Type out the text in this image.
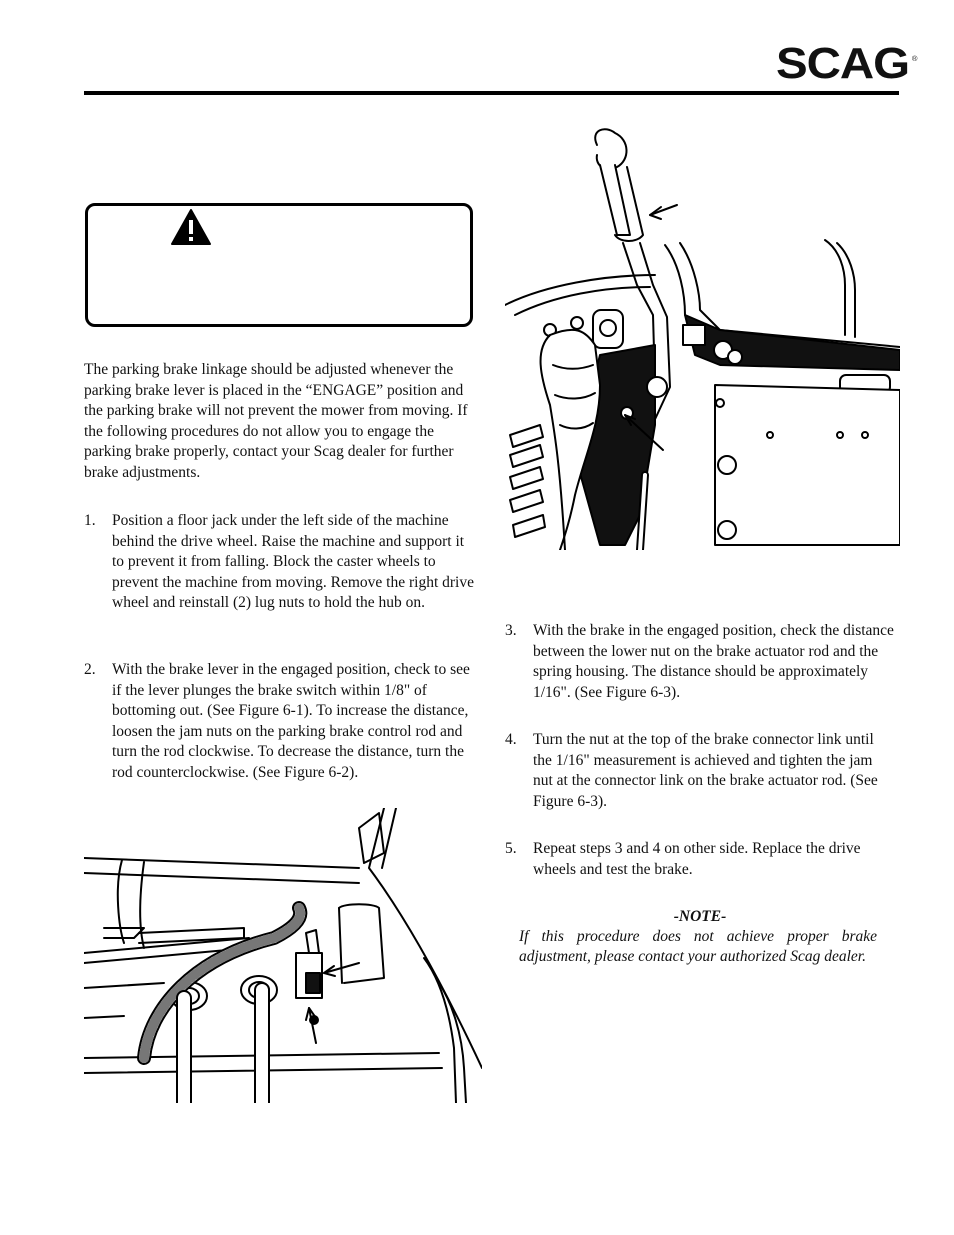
SCAG ®
The parking brake linkage should be adjusted whenever the parking brake lever is placed in the “ENGAGE” position and the parking brake will not prevent the mower from moving. If the following procedures do not allow you to engage the parking brake properly, contact your Scag dealer for further brake adjustments.
1. Position a floor jack under the left side of the machine behind the drive wheel. Raise the machine and support it to prevent it from falling. Block the caster wheels to prevent the machine from moving. Remove the right drive wheel and reinstall (2) lug nuts to hold the hub on.
2. With the brake lever in the engaged position, check to see if the lever plunges the brake switch within 1/8" of bottoming out. (See Figure 6-1). To increase the distance, loosen the jam nuts on the parking brake control rod and turn the rod clockwise. To decrease the distance, turn the rod counterclockwise. (See Figure 6-2).
3. With the brake in the engaged position, check the distance between the lower nut on the brake actuator rod and the spring housing. The distance should be approximately 1/16". (See Figure 6-3).
4. Turn the nut at the top of the brake connector link until the 1/16" measurement is achieved and tighten the jam nut at the connector link on the brake actuator rod. (See Figure 6-3).
5. Repeat steps 3 and 4 on other side. Replace the drive wheels and test the brake.
-NOTE-
If this procedure does not achieve proper brake adjustment, please contact your authorized Scag dealer.
